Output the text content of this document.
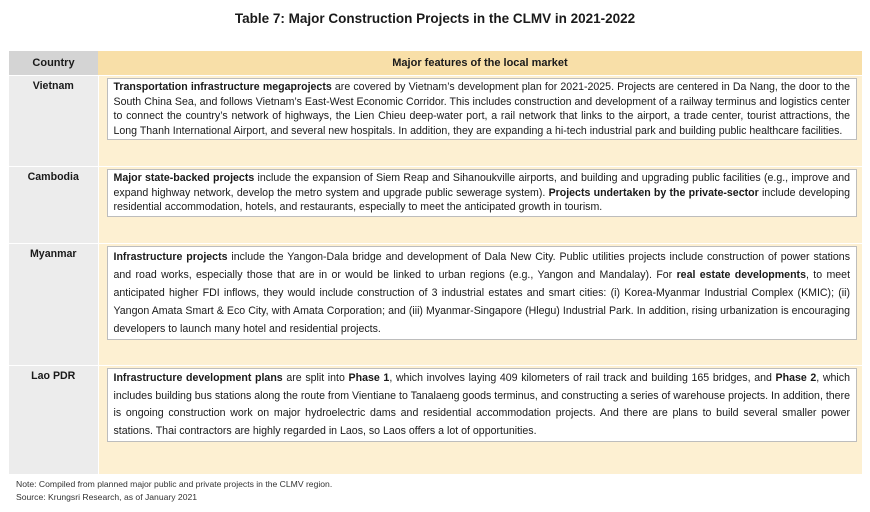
Table 7: Major Construction Projects in the CLMV in 2021-2022
Country	Major features of the local market
Vietnam	Transportation infrastructure megaprojects are covered by Vietnam’s development plan for 2021-2025. Projects are centered in Da Nang, the door to the South China Sea, and follows Vietnam’s East-West Economic Corridor. This includes construction and development of a railway terminus and logistics center to connect the country’s network of highways, the Lien Chieu deep-water port, a rail network that links to the airport, a trade center, tourist attractions, the Long Thanh International Airport, and several new hospitals. In addition, they are expanding a hi-tech industrial park and building public healthcare facilities.

Cambodia	Major state-backed projects include the expansion of Siem Reap and Sihanoukville airports, and building and upgrading public facilities (e.g., improve and expand highway network, develop the metro system and upgrade public sewerage system). Projects undertaken by the private-sector include developing residential accommodation, hotels, and restaurants, especially to meet the anticipated growth in tourism.

Myanmar	Infrastructure projects include the Yangon-Dala bridge and development of Dala New City. Public utilities projects include construction of power stations and road works, especially those that are in or would be linked to urban regions (e.g., Yangon and Mandalay). For real estate developments, to meet anticipated higher FDI inflows, they would include construction of 3 industrial estates and smart cities: (i) Korea-Myanmar Industrial Complex (KMIC); (ii) Yangon Amata Smart & Eco City, with Amata Corporation; and (iii) Myanmar-Singapore (Hlegu) Industrial Park. In addition, rising urbanization is encouraging developers to launch many hotel and residential projects.

Lao PDR	Infrastructure development plans are split into Phase 1, which involves laying 409 kilometers of rail track and building 165 bridges, and Phase 2, which includes building bus stations along the route from Vientiane to Tanalaeng goods terminus, and constructing a series of warehouse projects. In addition, there is ongoing construction work on major hydroelectric dams and residential accommodation projects. And there are plans to build several smaller power stations. Thai contractors are highly regarded in Laos, so Laos offers a lot of opportunities.
Note: Compiled from planned major public and private projects in the CLMV region.
Source: Krungsri Research, as of January 2021
